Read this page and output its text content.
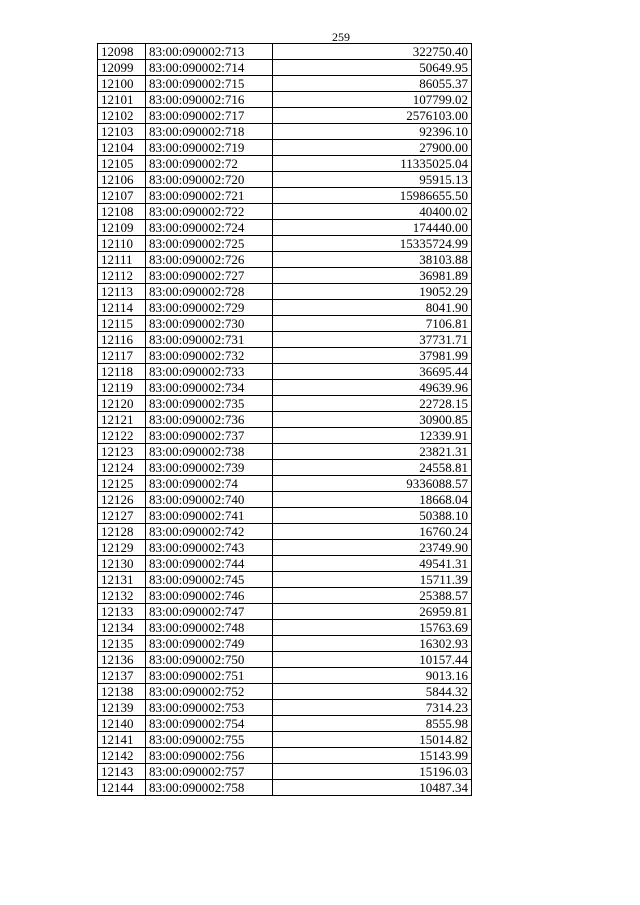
259
12098	83:00:090002:713	322750.40
12099	83:00:090002:714	50649.95
12100	83:00:090002:715	86055.37
12101	83:00:090002:716	107799.02
12102	83:00:090002:717	2576103.00
12103	83:00:090002:718	92396.10
12104	83:00:090002:719	27900.00
12105	83:00:090002:72	11335025.04
12106	83:00:090002:720	95915.13
12107	83:00:090002:721	15986655.50
12108	83:00:090002:722	40400.02
12109	83:00:090002:724	174440.00
12110	83:00:090002:725	15335724.99
12111	83:00:090002:726	38103.88
12112	83:00:090002:727	36981.89
12113	83:00:090002:728	19052.29
12114	83:00:090002:729	8041.90
12115	83:00:090002:730	7106.81
12116	83:00:090002:731	37731.71
12117	83:00:090002:732	37981.99
12118	83:00:090002:733	36695.44
12119	83:00:090002:734	49639.96
12120	83:00:090002:735	22728.15
12121	83:00:090002:736	30900.85
12122	83:00:090002:737	12339.91
12123	83:00:090002:738	23821.31
12124	83:00:090002:739	24558.81
12125	83:00:090002:74	9336088.57
12126	83:00:090002:740	18668.04
12127	83:00:090002:741	50388.10
12128	83:00:090002:742	16760.24
12129	83:00:090002:743	23749.90
12130	83:00:090002:744	49541.31
12131	83:00:090002:745	15711.39
12132	83:00:090002:746	25388.57
12133	83:00:090002:747	26959.81
12134	83:00:090002:748	15763.69
12135	83:00:090002:749	16302.93
12136	83:00:090002:750	10157.44
12137	83:00:090002:751	9013.16
12138	83:00:090002:752	5844.32
12139	83:00:090002:753	7314.23
12140	83:00:090002:754	8555.98
12141	83:00:090002:755	15014.82
12142	83:00:090002:756	15143.99
12143	83:00:090002:757	15196.03
12144	83:00:090002:758	10487.34
